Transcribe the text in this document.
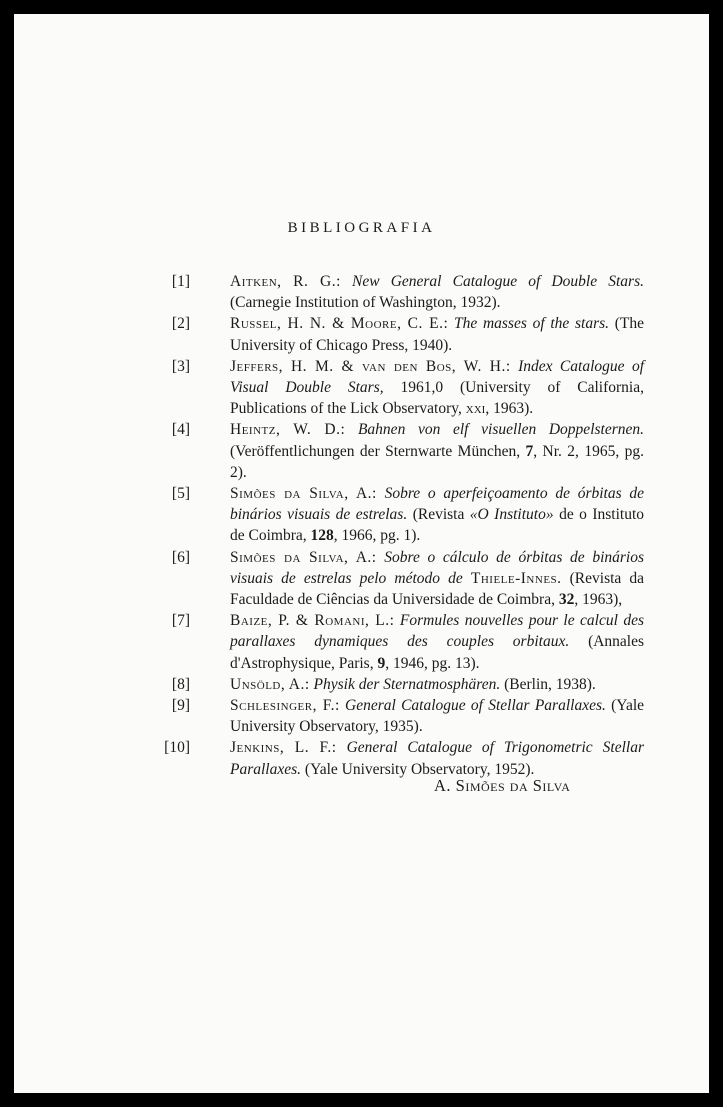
BIBLIOGRAFIA
[1]	Aitken, R. G.: New General Catalogue of Double Stars. (Carnegie Institution of Washington, 1932).
[2]	Russel, H. N. & Moore, C. E.: The masses of the stars. (The University of Chicago Press, 1940).
[3]	Jeffers, H. M. & van den Bos, W. H.: Index Catalogue of Visual Double Stars, 1961,0 (University of California, Publications of the Lick Observatory, xxi, 1963).
[4]	Heintz, W. D.: Bahnen von elf visuellen Doppelsternen. (Veröffentlichungen der Sternwarte München, 7, Nr. 2, 1965, pg. 2).
[5]	Simões da Silva, A.: Sobre o aperfeiçoamento de órbitas de binários visuais de estrelas. (Revista «O Instituto» de o Instituto de Coimbra, 128, 1966, pg. 1).
[6]	Simões da Silva, A.: Sobre o cálculo de órbitas de binários visuais de estrelas pelo método de Thiele-Innes. (Revista da Faculdade de Ciências da Universidade de Coimbra, 32, 1963),
[7]	Baize, P. & Romani, L.: Formules nouvelles pour le calcul des parallaxes dynamiques des couples orbitaux. (Annales d'Astrophysique, Paris, 9, 1946, pg. 13).
[8]	Unsöld, A.: Physik der Sternatmosphären. (Berlin, 1938).
[9]	Schlesinger, F.: General Catalogue of Stellar Parallaxes. (Yale University Observatory, 1935).
[10]	Jenkins, L. F.: General Catalogue of Trigonometric Stellar Parallaxes. (Yale University Observatory, 1952).

A. Simões da Silva
